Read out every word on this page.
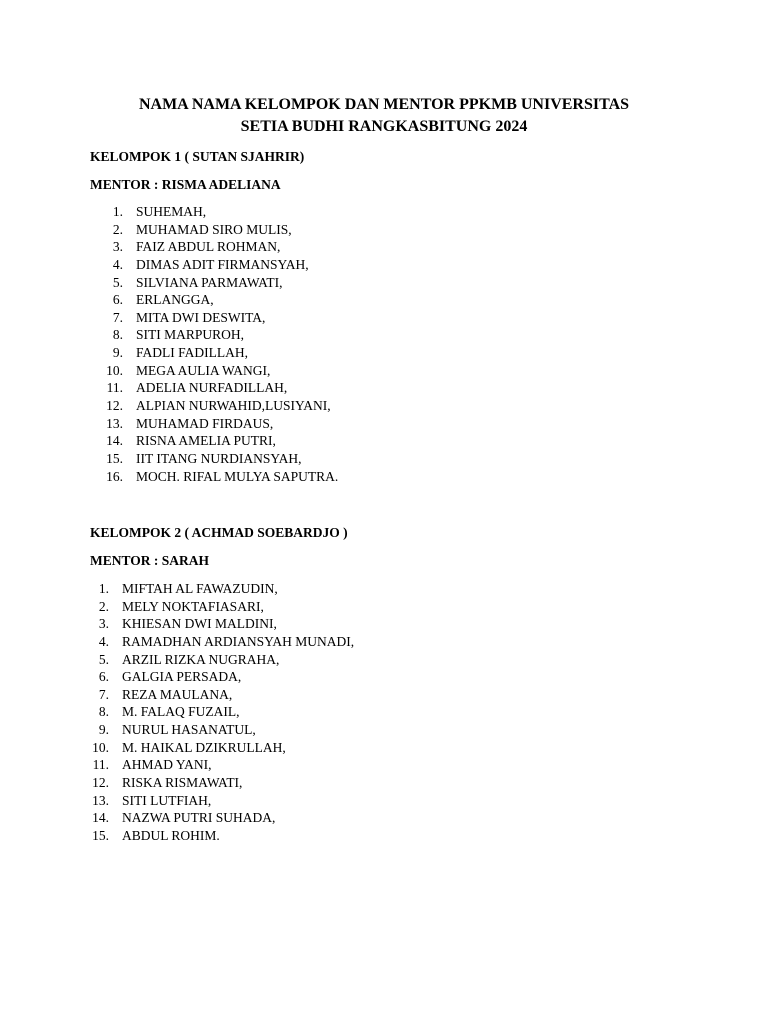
NAMA NAMA KELOMPOK DAN MENTOR PPKMB UNIVERSITAS
SETIA BUDHI RANGKASBITUNG 2024
KELOMPOK 1 ( SUTAN SJAHRIR)
MENTOR : RISMA ADELIANA
1. SUHEMAH,
2. MUHAMAD SIRO MULIS,
3. FAIZ ABDUL ROHMAN,
4. DIMAS ADIT FIRMANSYAH,
5. SILVIANA PARMAWATI,
6. ERLANGGA,
7. MITA DWI DESWITA,
8. SITI MARPUROH,
9. FADLI FADILLAH,
10. MEGA AULIA WANGI,
11. ADELIA NURFADILLAH,
12. ALPIAN NURWAHID,LUSIYANI,
13. MUHAMAD FIRDAUS,
14. RISNA AMELIA PUTRI,
15. IIT ITANG NURDIANSYAH,
16. MOCH. RIFAL MULYA SAPUTRA.
KELOMPOK 2 ( ACHMAD SOEBARDJO )
MENTOR : SARAH
1. MIFTAH AL FAWAZUDIN,
2. MELY NOKTAFIASARI,
3. KHIESAN DWI MALDINI,
4. RAMADHAN ARDIANSYAH MUNADI,
5. ARZIL RIZKA NUGRAHA,
6. GALGIA PERSADA,
7. REZA MAULANA,
8. M. FALAQ FUZAIL,
9. NURUL HASANATUL,
10. M. HAIKAL DZIKRULLAH,
11. AHMAD YANI,
12. RISKA RISMAWATI,
13. SITI LUTFIAH,
14. NAZWA PUTRI SUHADA,
15. ABDUL ROHIM.
